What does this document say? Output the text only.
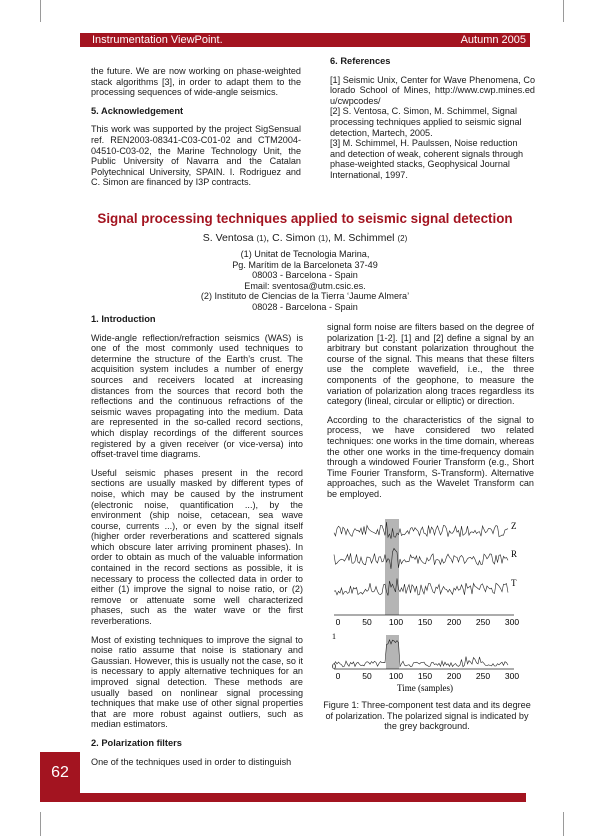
Instrumentation ViewPoint.	Autumn 2005

the future. We are now working on phase-weighted stack algorithms [3], in order to adapt them to the processing sequences of wide-angle seismics.

5. Acknowledgement

This work was supported by the project SigSensual ref. REN2003-08341-C03-C01-02 and CTM2004-04510-C03-02, the Marine Technology Unit, the Public University of Navarra and the Catalan Polytechnical University, SPAIN. I. Rodriguez and C. Simon are financed by I3P contracts.

6. References

[1] Seismic Unix, Center for Wave Phenomena, Colorado School of Mines, http://www.cwp.mines.edu/cwpcodes/
[2] S. Ventosa, C. Simon, M. Schimmel, Signal processing techniques applied to seismic signal detection, Martech, 2005.
[3] M. Schimmel, H. Paulssen, Noise reduction and detection of weak, coherent signals through phase-weighted stacks, Geophysical Journal International, 1997.
Signal processing techniques applied to seismic signal detection
S. Ventosa (1), C. Simon (1), M. Schimmel (2)
(1) Unitat de Tecnologia Marina,
Pg. Marítim de la Barceloneta 37-49
08003 - Barcelona - Spain
Email: sventosa@utm.csic.es.
(2) Instituto de Ciencias de la Tierra ‘Jaume Almera’
08028 - Barcelona - Spain

1. Introduction

Wide-angle reflection/refraction seismics (WAS) is one of the most commonly used techniques to determine the structure of the Earth’s crust. The acquisition system includes a number of energy sources and receivers located at increasing distances from the sources that record both the reflections and the continuous refractions of the seismic waves propagating into the medium. Data are represented in the so-called record sections, which display recordings of the different sources registered by a given receiver (or vice-versa) into offset-travel time diagrams.

Useful seismic phases present in the record sections are usually masked by different types of noise, which may be caused by the instrument (electronic noise, quantification ...), by the environment (ship noise, cetacean, sea wave course, currents ...), or even by the signal itself (higher order reverberations and scattered signals which obscure later arriving prominent phases). In order to obtain as much of the valuable information contained in the record sections as possible, it is necessary to process the collected data in order to either (1) improve the signal to noise ratio, or (2) remove or attenuate some well characterized phases, such as the water wave or the first reverberations.

Most of existing techniques to improve the signal to noise ratio assume that noise is stationary and Gaussian. However, this is usually not the case, so it is necessary to apply alternative techniques for an improved signal detection. These methods are usually based on nonlinear signal processing techniques that make use of other signal properties that are more robust against outliers, such as median estimators.

2. Polarization filters

One of the techniques used in order to distinguish

signal form noise are filters based on the degree of polarization [1-2]. [1] and [2] define a signal by an arbitrary but constant polarization throughout the course of the signal. This means that these filters use the complete wavefield, i.e., the three components of the geophone, to measure the variation of polarization along traces regardless its category (lineal, circular or elliptic) or direction.

According to the characteristics of the signal to process, we have considered two related techniques: one works in the time domain, whereas the other one works in the time-frequency domain through a windowed Fourier Transform (e.g., Short Time Fourier Transform, S-Transform). Alternative approaches, such as the Wavelet Transform can be employed.

Z
R
T
1
0
0	50 100 150 200 250 300
0	50 100 150 200 250 300
Time (samples)
Figure 1: Three-component test data and its degree of polarization. The polarized signal is indicated by the grey background.
62
